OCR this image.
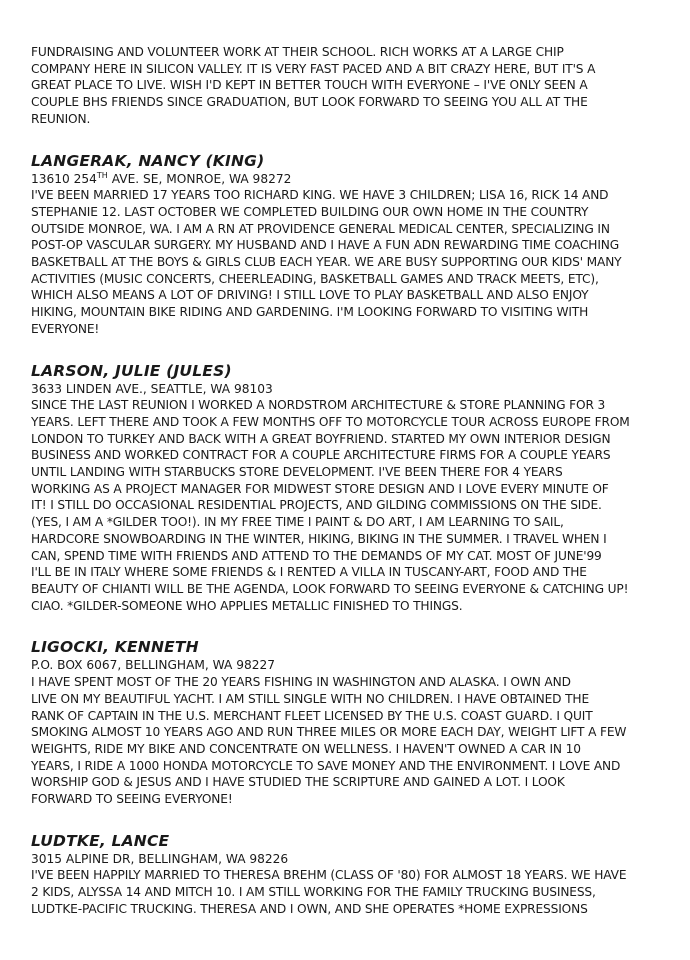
FUNDRAISING AND VOLUNTEER WORK AT THEIR SCHOOL. RICH WORKS AT A LARGE CHIP
COMPANY HERE IN SILICON VALLEY. IT IS VERY FAST PACED AND A BIT CRAZY HERE, BUT IT'S A
GREAT PLACE TO LIVE. WISH I'D KEPT IN BETTER TOUCH WITH EVERYONE – I'VE ONLY SEEN A
COUPLE BHS FRIENDS SINCE GRADUATION, BUT LOOK FORWARD TO SEEING YOU ALL AT THE
REUNION.

LANGERAK, NANCY (KING)

13610 254TH AVE. SE, MONROE, WA 98272

I'VE BEEN MARRIED 17 YEARS TOO RICHARD KING. WE HAVE 3 CHILDREN; LISA 16, RICK 14 AND
STEPHANIE 12. LAST OCTOBER WE COMPLETED BUILDING OUR OWN HOME IN THE COUNTRY
OUTSIDE MONROE, WA. I AM A RN AT PROVIDENCE GENERAL MEDICAL CENTER, SPECIALIZING IN
POST-OP VASCULAR SURGERY. MY HUSBAND AND I HAVE A FUN ADN REWARDING TIME COACHING
BASKETBALL AT THE BOYS & GIRLS CLUB EACH YEAR. WE ARE BUSY SUPPORTING OUR KIDS' MANY
ACTIVITIES (MUSIC CONCERTS, CHEERLEADING, BASKETBALL GAMES AND TRACK MEETS, ETC),
WHICH ALSO MEANS A LOT OF DRIVING! I STILL LOVE TO PLAY BASKETBALL AND ALSO ENJOY
HIKING, MOUNTAIN BIKE RIDING AND GARDENING. I'M LOOKING FORWARD TO VISITING WITH
EVERYONE!

LARSON, JULIE (JULES)

3633 LINDEN AVE., SEATTLE, WA 98103

SINCE THE LAST REUNION I WORKED A NORDSTROM ARCHITECTURE & STORE PLANNING FOR 3
YEARS. LEFT THERE AND TOOK A FEW MONTHS OFF TO MOTORCYCLE TOUR ACROSS EUROPE FROM
LONDON TO TURKEY AND BACK WITH A GREAT BOYFRIEND. STARTED MY OWN INTERIOR DESIGN
BUSINESS AND WORKED CONTRACT FOR A COUPLE ARCHITECTURE FIRMS FOR A COUPLE YEARS
UNTIL LANDING WITH STARBUCKS STORE DEVELOPMENT. I'VE BEEN THERE FOR 4 YEARS
WORKING AS A PROJECT MANAGER FOR MIDWEST STORE DESIGN AND I LOVE EVERY MINUTE OF
IT! I STILL DO OCCASIONAL RESIDENTIAL PROJECTS, AND GILDING COMMISSIONS ON THE SIDE.
(YES, I AM A *GILDER TOO!). IN MY FREE TIME I PAINT & DO ART, I AM LEARNING TO SAIL,
HARDCORE SNOWBOARDING IN THE WINTER, HIKING, BIKING IN THE SUMMER. I TRAVEL WHEN I
CAN, SPEND TIME WITH FRIENDS AND ATTEND TO THE DEMANDS OF MY CAT. MOST OF JUNE'99
I'LL BE IN ITALY WHERE SOME FRIENDS & I RENTED A VILLA IN TUSCANY-ART, FOOD AND THE
BEAUTY OF CHIANTI WILL BE THE AGENDA, LOOK FORWARD TO SEEING EVERYONE & CATCHING UP!
CIAO. *GILDER-SOMEONE WHO APPLIES METALLIC FINISHED TO THINGS.

LIGOCKI, KENNETH

P.O. BOX 6067, BELLINGHAM, WA 98227

I HAVE SPENT MOST OF THE 20 YEARS FISHING IN WASHINGTON AND ALASKA. I OWN AND
LIVE ON MY BEAUTIFUL YACHT. I AM STILL SINGLE WITH NO CHILDREN. I HAVE OBTAINED THE
RANK OF CAPTAIN IN THE U.S. MERCHANT FLEET LICENSED BY THE U.S. COAST GUARD. I QUIT
SMOKING ALMOST 10 YEARS AGO AND RUN THREE MILES OR MORE EACH DAY, WEIGHT LIFT A FEW
WEIGHTS, RIDE MY BIKE AND CONCENTRATE ON WELLNESS. I HAVEN'T OWNED A CAR IN 10
YEARS, I RIDE A 1000 HONDA MOTORCYCLE TO SAVE MONEY AND THE ENVIRONMENT. I LOVE AND
WORSHIP GOD & JESUS AND I HAVE STUDIED THE SCRIPTURE AND GAINED A LOT. I LOOK
FORWARD TO SEEING EVERYONE!

LUDTKE, LANCE

3015 ALPINE DR, BELLINGHAM, WA 98226

I'VE BEEN HAPPILY MARRIED TO THERESA BREHM (CLASS OF '80) FOR ALMOST 18 YEARS. WE HAVE
2 KIDS, ALYSSA 14 AND MITCH 10. I AM STILL WORKING FOR THE FAMILY TRUCKING BUSINESS,
LUDTKE-PACIFIC TRUCKING. THERESA AND I OWN, AND SHE OPERATES *HOME EXPRESSIONS
